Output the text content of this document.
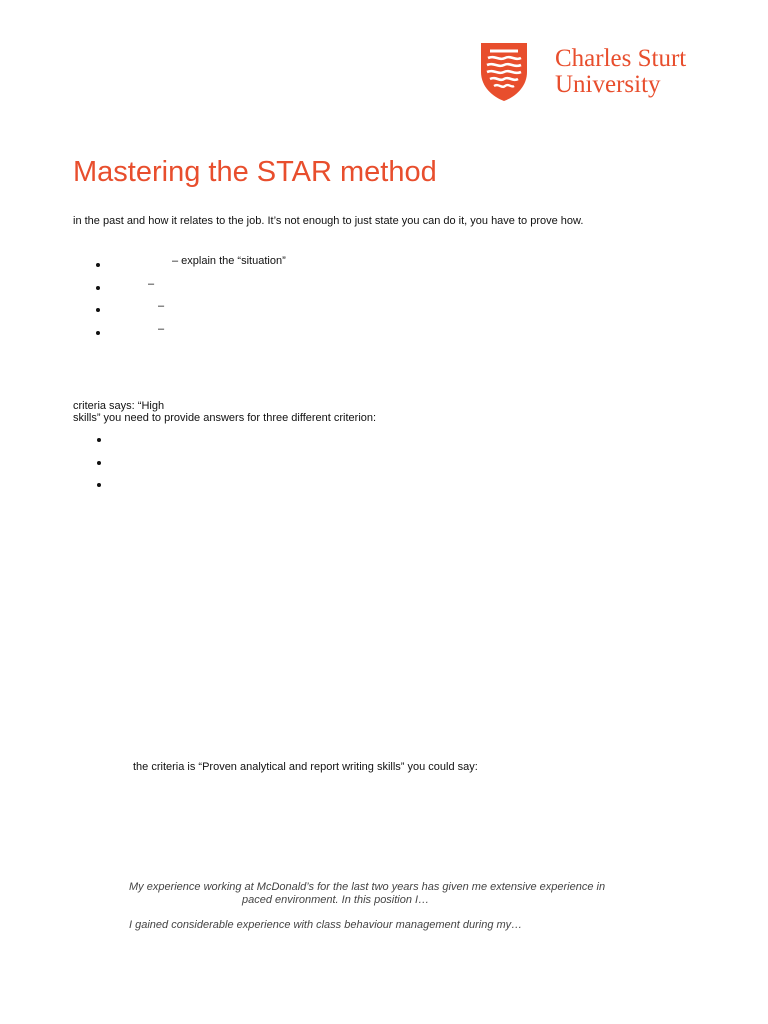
Charles Sturt
University
Mastering the STAR method
in the past and how it relates to the job. It’s not enough to just state you can do it, you have to prove how.
– explain the “situation”
–
–
–
criteria says: “High
skills” you need to provide answers for three different criterion:
the criteria is “Proven analytical and report writing skills” you could say:
My experience working at McDonald’s for the last two years has given me extensive experience in
paced environment. In this position I…
I gained considerable experience with class behaviour management during my…
